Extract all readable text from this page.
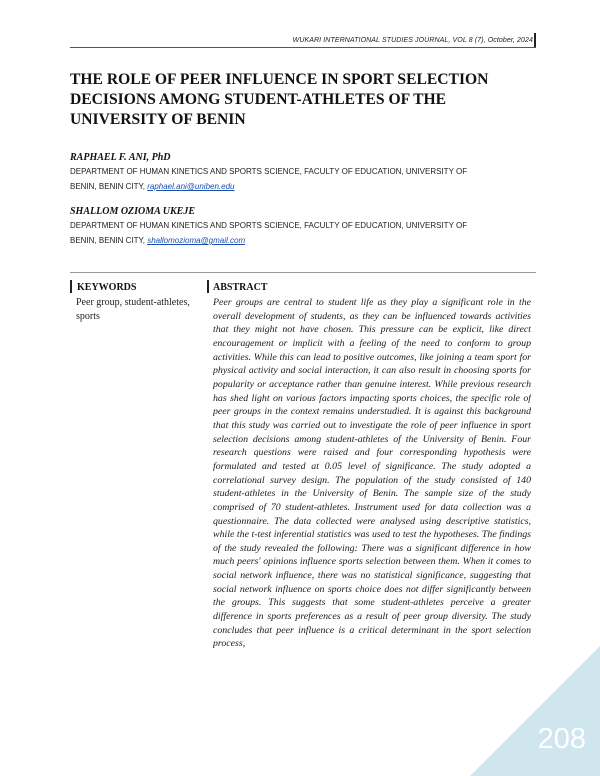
WUKARI INTERNATIONAL STUDIES JOURNAL, VOL 8 (7), October, 2024
THE ROLE OF PEER INFLUENCE IN SPORT SELECTION DECISIONS AMONG STUDENT-ATHLETES OF THE UNIVERSITY OF BENIN
RAPHAEL F. ANI, PhD
DEPARTMENT OF HUMAN KINETICS AND SPORTS SCIENCE, FACULTY OF EDUCATION, UNIVERSITY OF
BENIN, BENIN CITY, raphael.ani@uniben.edu
SHALLOM OZIOMA UKEJE
DEPARTMENT OF HUMAN KINETICS AND SPORTS SCIENCE, FACULTY OF EDUCATION, UNIVERSITY OF
BENIN, BENIN CITY, shallomozioma@gmail.com
KEYWORDS
Peer group, student-athletes, sports
ABSTRACT

Peer groups are central to student life as they play a significant role in the overall development of students, as they can be influenced towards activities that they might not have chosen. This pressure can be explicit, like direct encouragement or implicit with a feeling of the need to conform to group activities. While this can lead to positive outcomes, like joining a team sport for physical activity and social interaction, it can also result in choosing sports for popularity or acceptance rather than genuine interest. While previous research has shed light on various factors impacting sports choices, the specific role of peer groups in the context remains understudied. It is against this background that this study was carried out to investigate the role of peer influence in sport selection decisions among student-athletes of the University of Benin. Four research questions were raised and four corresponding hypothesis were formulated and tested at 0.05 level of significance. The study adopted a correlational survey design. The population of the study consisted of 140 student-athletes in the University of Benin. The sample size of the study comprised of 70 student-athletes. Instrument used for data collection was a questionnaire. The data collected were analysed using descriptive statistics, while the t-test inferential statistics was used to test the hypotheses. The findings of the study revealed the following: There was a significant difference in how much peers' opinions influence sports selection between them. When it comes to social network influence, there was no statistical significance, suggesting that social network influence on sports choice does not differ significantly between the groups. This suggests that some student-athletes perceive a greater difference in sports preferences as a result of peer group diversity. The study concludes that peer influence is a critical determinant in the sport selection process,

208
